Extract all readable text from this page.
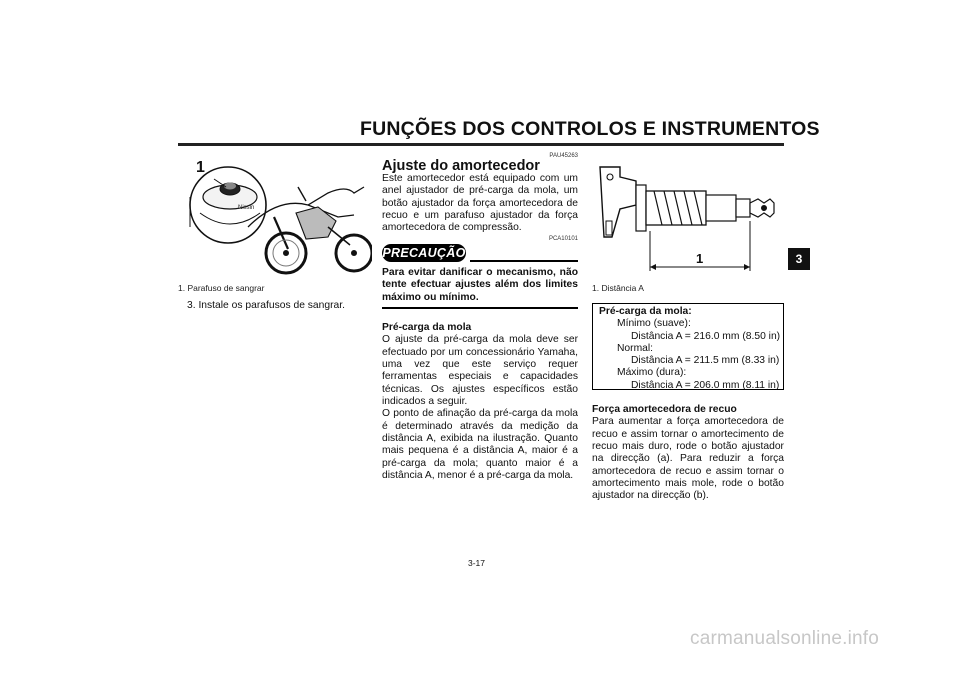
FUNÇÕES DOS CONTROLOS E INSTRUMENTOS
3
Nissin
1
1. Parafuso de sangrar
3. Instale os parafusos de sangrar.
PAU45263
Ajuste do amortecedor

Este amortecedor está equipado com um anel ajustador de pré-carga da mola, um botão ajustador da força amortecedora de recuo e um parafuso ajustador da força amortecedora de compressão.

PCA10101
PRECAUÇÃO
Para evitar danificar o mecanismo, não tente efectuar ajustes além dos limites máximo ou mínimo.

Pré-carga da mola

O ajuste da pré-carga da mola deve ser efectuado por um concessionário Yamaha, uma vez que este serviço requer ferramentas especiais e capacidades técnicas. Os ajustes específicos estão indicados a seguir.

O ponto de afinação da pré-carga da mola é determinado através da medição da distância A, exibida na ilustração. Quanto mais pequena é a distância A, maior é a pré-carga da mola; quanto maior é a distância A, menor é a pré-carga da mola.

1
1. Distância A
Pré-carga da mola:
Mínimo (suave):
Distância A = 216.0 mm (8.50 in)
Normal:
Distância A = 211.5 mm (8.33 in)
Máximo (dura):
Distância A = 206.0 mm (8.11 in)

Força amortecedora de recuo

Para aumentar a força amortecedora de recuo e assim tornar o amortecimento de recuo mais duro, rode o botão ajustador na direcção (a). Para reduzir a força amortecedora de recuo e assim tornar o amortecimento mais mole, rode o botão ajustador na direcção (b).

3-17
carmanualsonline.info
